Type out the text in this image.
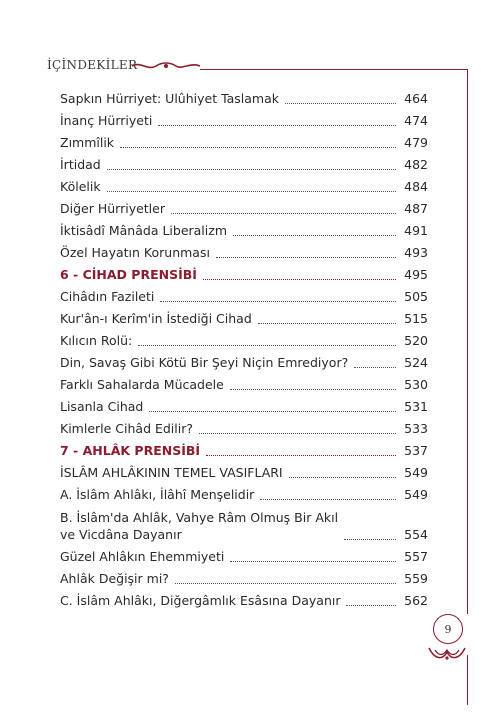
İÇİNDEKİLER
Sapkın Hürriyet: Ulûhiyet Taslamak	464
İnanç Hürriyeti	474
Zımmîlik	479
İrtidad	482
Kölelik	484
Diğer Hürriyetler	487
İktisâdî Mânâda Liberalizm	491
Özel Hayatın Korunması	493
6 - CİHAD PRENSİBİ	495
Cihâdın Fazileti	505
Kur'ân-ı Kerîm'in İstediği Cihad	515
Kılıcın Rolü:	520
Din, Savaş Gibi Kötü Bir Şeyi Niçin Emrediyor?	524
Farklı Sahalarda Mücadele	530
Lisanla Cihad	531
Kimlerle Cihâd Edilir?	533
7 - AHLÂK PRENSİBİ	537
İSLÂM AHLÂKININ TEMEL VASIFLARI	549
A. İslâm Ahlâkı, İlâhî Menşelidir	549
B. İslâm'da Ahlâk, Vahye Râm Olmuş Bir Akıl
ve Vicdâna Dayanır	554
Güzel Ahlâkın Ehemmiyeti	557
Ahlâk Değişir mi?	559
C. İslâm Ahlâkı, Diğergâmlık Esâsına Dayanır	562
9
